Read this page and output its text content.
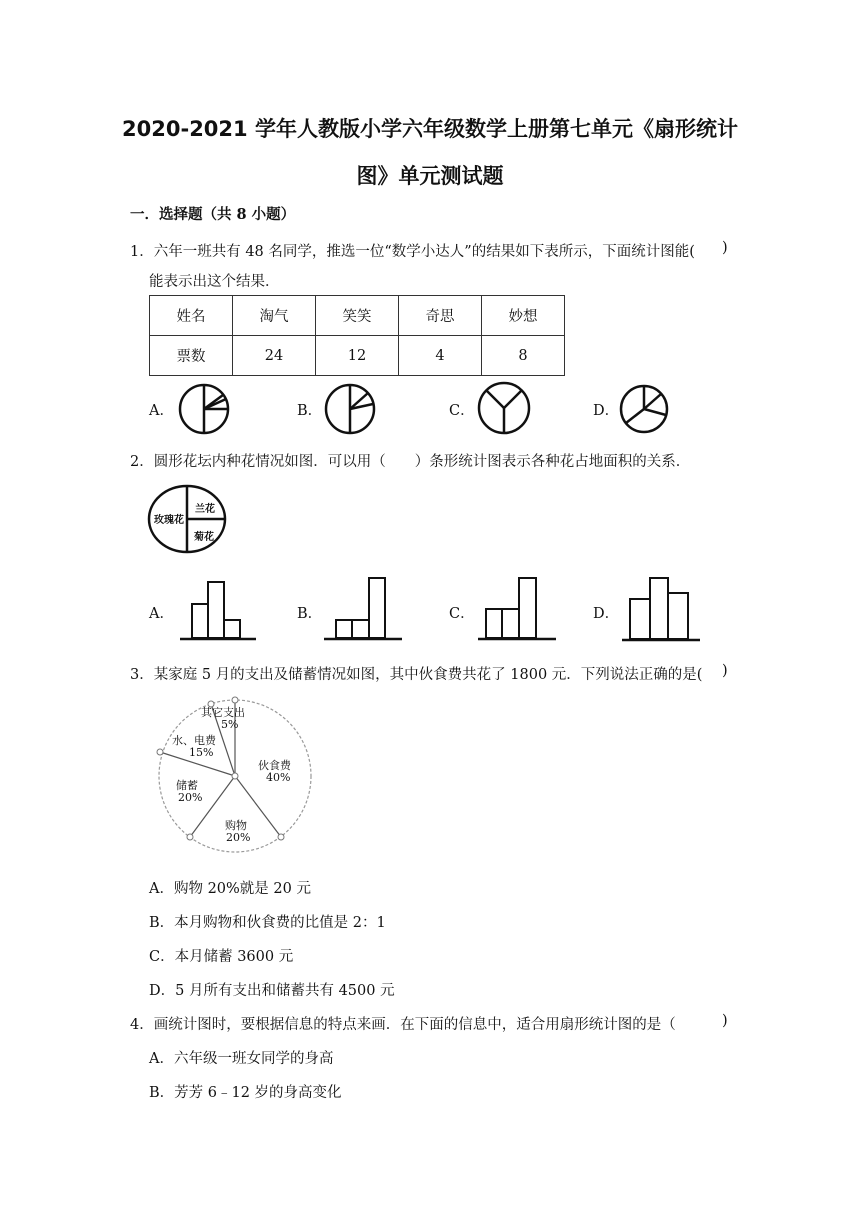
2020-2021 学年人教版小学六年级数学上册第七单元《扇形统计
图》单元测试题
一．选择题（共 8 小题）
1．六年一班共有 48 名同学，推选一位“数学小达人”的结果如下表所示，下面统计图能( )
能表示出这个结果．
姓名	淘气	笑笑	奇思	妙想
票数	24	12	4	8
A．	B．	C．	D．
2．圆形花坛内种花情况如图．可以用（　　）条形统计图表示各种花占地面积的关系．
玫瑰花
兰花
菊花
A．	B．	C．	D．
3．某家庭 5 月的支出及储蓄情况如图，其中伙食费共花了 1800 元．下列说法正确的是( )
其它支出
5%
水、电费
15%
伙食费
40%
储蓄
20%
购物
20%
A．购物 20%就是 20 元
B．本月购物和伙食费的比值是 2：1
C．本月储蓄 3600 元
D．5 月所有支出和储蓄共有 4500 元
4．画统计图时，要根据信息的特点来画．在下面的信息中，适合用扇形统计图的是（	)
A．六年级一班女同学的身高
B．芳芳 6﹣12 岁的身高变化
